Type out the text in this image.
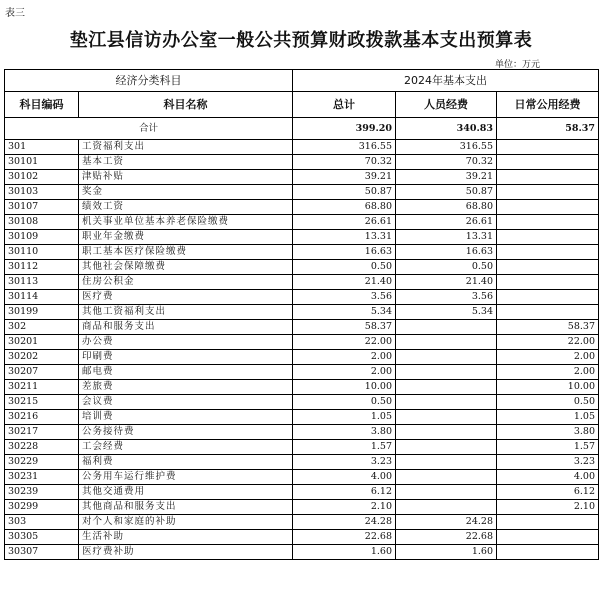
表三
垫江县信访办公室一般公共预算财政拨款基本支出预算表
单位：万元
经济分类科目		2024年基本支出		
科目编码	科目名称	总计	人员经费	日常公用经费
合计		399.20	340.83	58.37
301	工资福利支出	316.55	316.55	
30101	基本工资	70.32	70.32	
30102	津贴补贴	39.21	39.21	
30103	奖金	50.87	50.87	
30107	绩效工资	68.80	68.80	
30108	机关事业单位基本养老保险缴费	26.61	26.61	
30109	职业年金缴费	13.31	13.31	
30110	职工基本医疗保险缴费	16.63	16.63	
30112	其他社会保障缴费	0.50	0.50	
30113	住房公积金	21.40	21.40	
30114	医疗费	3.56	3.56	
30199	其他工资福利支出	5.34	5.34	
302	商品和服务支出	58.37		58.37
30201	办公费	22.00		22.00
30202	印刷费	2.00		2.00
30207	邮电费	2.00		2.00
30211	差旅费	10.00		10.00
30215	会议费	0.50		0.50
30216	培训费	1.05		1.05
30217	公务接待费	3.80		3.80
30228	工会经费	1.57		1.57
30229	福利费	3.23		3.23
30231	公务用车运行维护费	4.00		4.00
30239	其他交通费用	6.12		6.12
30299	其他商品和服务支出	2.10		2.10
303	对个人和家庭的补助	24.28	24.28	
30305	生活补助	22.68	22.68	
30307	医疗费补助	1.60	1.60	
